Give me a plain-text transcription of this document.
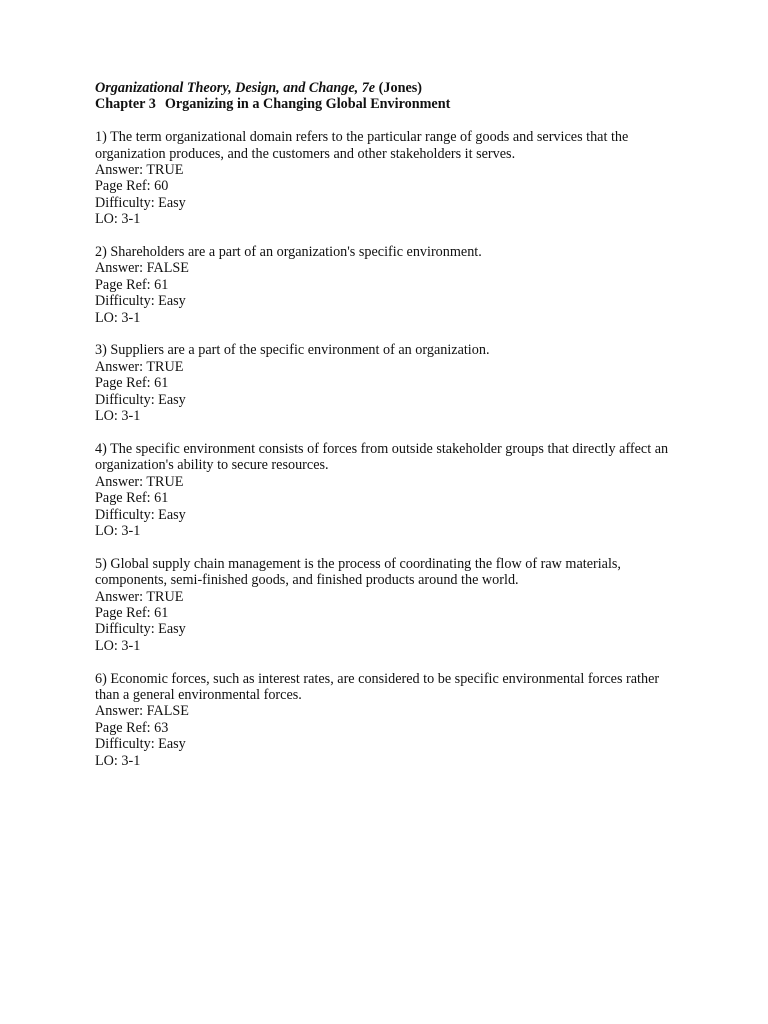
Organizational Theory, Design, and Change, 7e (Jones)
Chapter 3 Organizing in a Changing Global Environment
1) The term organizational domain refers to the particular range of goods and services that the organization produces, and the customers and other stakeholders it serves.
Answer: TRUE
Page Ref: 60
Difficulty: Easy
LO: 3-1
2) Shareholders are a part of an organization's specific environment.
Answer: FALSE
Page Ref: 61
Difficulty: Easy
LO: 3-1
3) Suppliers are a part of the specific environment of an organization.
Answer: TRUE
Page Ref: 61
Difficulty: Easy
LO: 3-1
4) The specific environment consists of forces from outside stakeholder groups that directly affect an organization's ability to secure resources.
Answer: TRUE
Page Ref: 61
Difficulty: Easy
LO: 3-1
5) Global supply chain management is the process of coordinating the flow of raw materials, components, semi-finished goods, and finished products around the world.
Answer: TRUE
Page Ref: 61
Difficulty: Easy
LO: 3-1
6) Economic forces, such as interest rates, are considered to be specific environmental forces rather than a general environmental forces.
Answer: FALSE
Page Ref: 63
Difficulty: Easy
LO: 3-1
